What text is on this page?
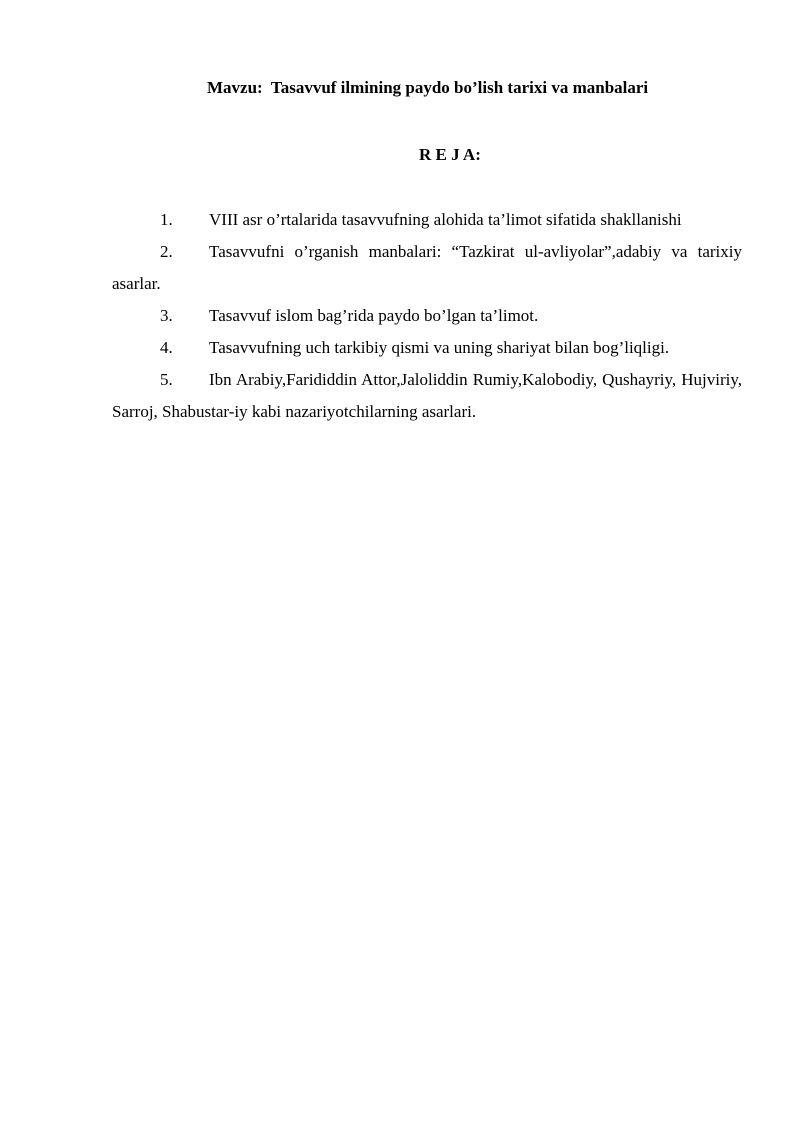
Mavzu: Tasavvuf ilmining paydo bo’lish tarixi va manbalari
R E J A:
1. VIII asr o’rtalarida tasavvufning alohida ta’limot sifatida shakllanishi
2. Tasavvufni o’rganish manbalari: “Tazkirat ul-avliyolar”,adabiy va tarixiy asarlar.
3. Tasavvuf islom bag’rida paydo bo’lgan ta’limot.
4. Tasavvufning uch tarkibiy qismi va uning shariyat bilan bog’liqligi.
5. Ibn Arabiy,Farididdin Attor,Jaloliddin Rumiy,Kalobodiy, Qushayriy, Hujviriy, Sarroj, Shabustar-iy kabi nazariyotchilarning asarlari.
